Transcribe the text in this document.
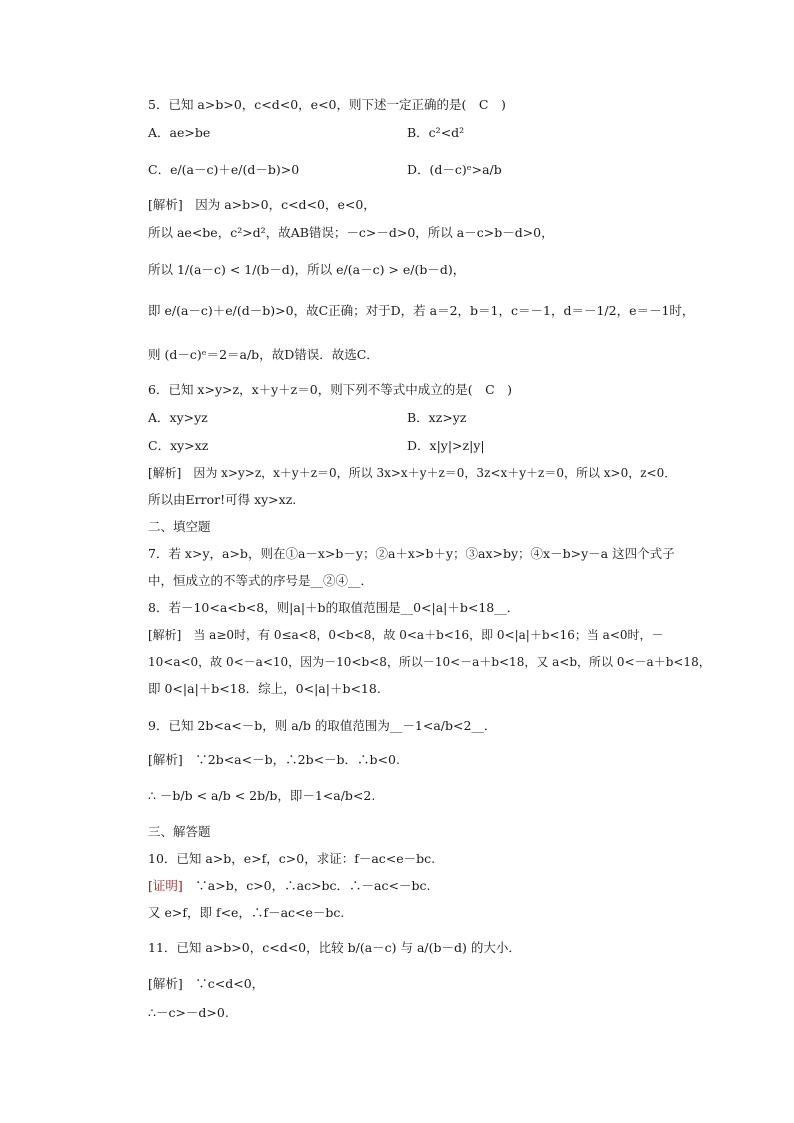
5．已知 a>b>0，c<d<0，e<0，则下述一定正确的是(　C　)
A．ae>be	B．c²<d²
C．e/(a－c)＋e/(d－b)>0	D．(d－c)ᵉ>a/b
[解析]　因为 a>b>0，c<d<0，e<0，
所以 ae<be，c²>d²，故AB错误；－c>－d>0，所以 a－c>b－d>0，
所以 1/(a－c) < 1/(b－d)，所以 e/(a－c) > e/(b－d)，
即 e/(a－c)＋e/(d－b)>0，故C正确；对于D，若 a＝2，b＝1，c＝－1，d＝－1/2，e＝－1时，
则 (d－c)ᵉ＝2＝a/b，故D错误．故选C．
6．已知 x>y>z，x＋y＋z＝0，则下列不等式中成立的是(　C　)
A．xy>yz	B．xz>yz
C．xy>xz	D．x|y|>z|y|
[解析]　因为 x>y>z，x＋y＋z＝0，所以 3x>x＋y＋z＝0，3z<x＋y＋z＝0，所以 x>0，z<0．
所以由Error!可得 xy>xz.
二、填空题
7．若 x>y，a>b，则在①a－x>b－y；②a＋x>b＋y；③ax>by；④x－b>y－a 这四个式子
中，恒成立的不等式的序号是__②④__．
8．若－10<a<b<8，则|a|＋b的取值范围是__0<|a|＋b<18__．
[解析]　当 a≥0时，有 0≤a<8，0<b<8，故 0<a＋b<16，即 0<|a|＋b<16；当 a<0时，－
10<a<0，故 0<－a<10，因为－10<b<8，所以－10<－a＋b<18，又 a<b，所以 0<－a＋b<18，
即 0<|a|＋b<18．综上，0<|a|＋b<18.
9．已知 2b<a<－b，则 a/b 的取值范围为__－1<a/b<2__．
[解析]　∵2b<a<－b，∴2b<－b．∴b<0.
∴ －b/b < a/b < 2b/b，即－1<a/b<2.
三、解答题
10．已知 a>b，e>f，c>0，求证：f－ac<e－bc.
[证明]　∵a>b，c>0，∴ac>bc．∴－ac<－bc.
又 e>f，即 f<e，∴f－ac<e－bc.
11．已知 a>b>0，c<d<0，比较 b/(a－c) 与 a/(b－d) 的大小．
[解析]　∵c<d<0，
∴－c>－d>0.
